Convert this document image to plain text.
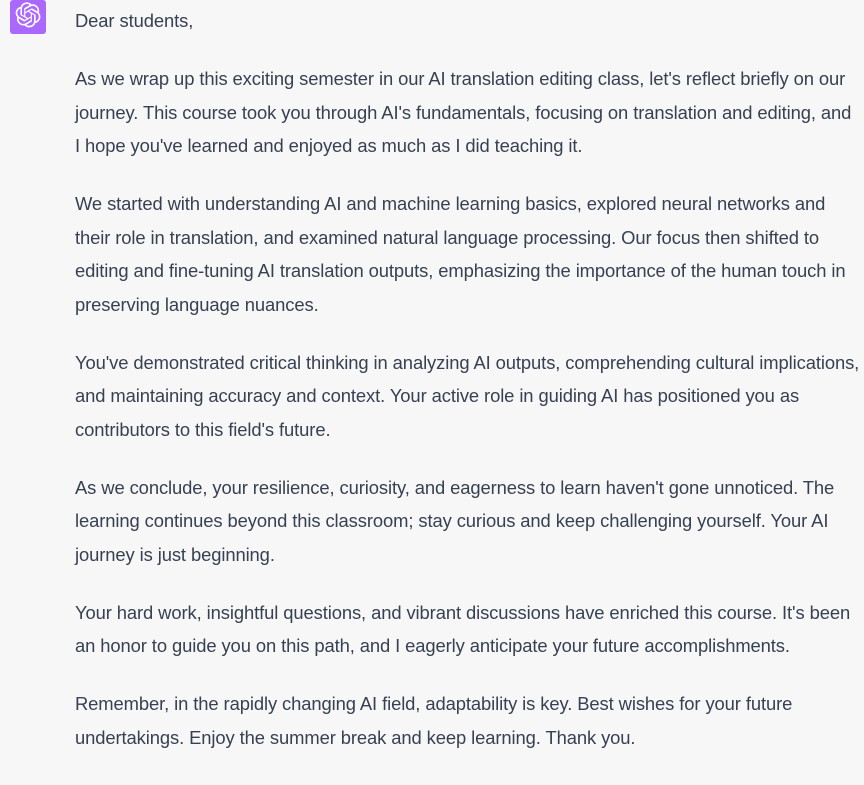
Dear students,

As we wrap up this exciting semester in our AI translation editing class, let's reflect briefly on our journey. This course took you through AI's fundamentals, focusing on translation and editing, and I hope you've learned and enjoyed as much as I did teaching it.

We started with understanding AI and machine learning basics, explored neural networks and their role in translation, and examined natural language processing. Our focus then shifted to editing and fine-tuning AI translation outputs, emphasizing the importance of the human touch in preserving language nuances.

You've demonstrated critical thinking in analyzing AI outputs, comprehending cultural implications, and maintaining accuracy and context. Your active role in guiding AI has positioned you as contributors to this field's future.

As we conclude, your resilience, curiosity, and eagerness to learn haven't gone unnoticed. The learning continues beyond this classroom; stay curious and keep challenging yourself. Your AI journey is just beginning.

Your hard work, insightful questions, and vibrant discussions have enriched this course. It's been an honor to guide you on this path, and I eagerly anticipate your future accomplishments.

Remember, in the rapidly changing AI field, adaptability is key. Best wishes for your future undertakings. Enjoy the summer break and keep learning. Thank you.
